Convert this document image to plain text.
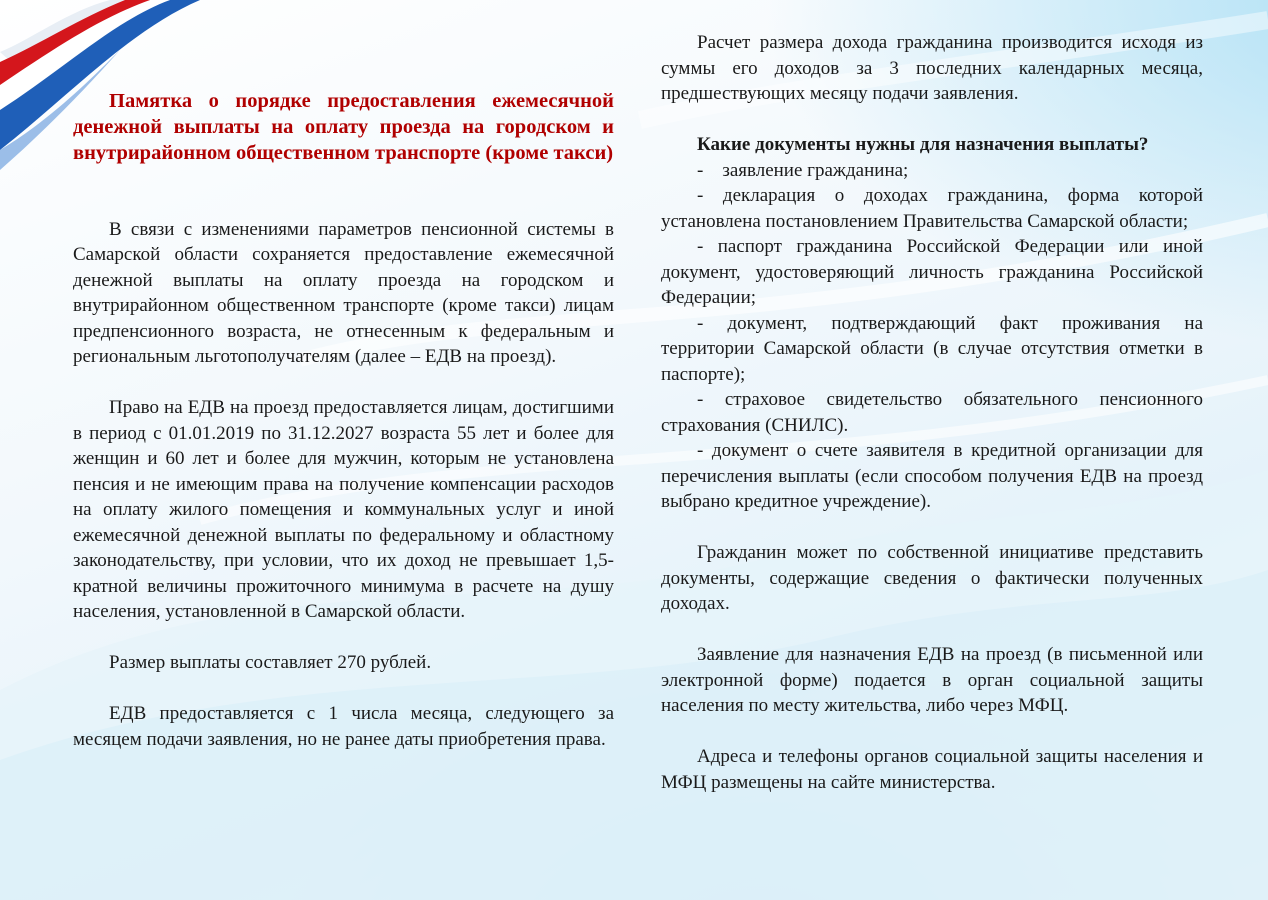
Памятка о порядке предоставления ежемесячной денежной выплаты на оплату проезда на городском и внутрирайонном общественном транспорте (кроме такси)

В связи с изменениями параметров пенсионной системы в Самарской области сохраняется предоставление ежемесячной денежной выплаты на оплату проезда на городском и внутрирайонном общественном транспорте (кроме такси) лицам предпенсионного возраста, не отнесенным к федеральным и региональным льготополучателям (далее – ЕДВ на проезд).

Право на ЕДВ на проезд предоставляется лицам, достигшими в период с 01.01.2019 по 31.12.2027 возраста 55 лет и более для женщин и 60 лет и более для мужчин, которым не установлена пенсия и не имеющим права на получение компенсации расходов на оплату жилого помещения и коммунальных услуг и иной ежемесячной денежной выплаты по федеральному и областному законодательству, при условии, что их доход не превышает 1,5-кратной величины прожиточного минимума в расчете на душу населения, установленной в Самарской области.

Размер выплаты составляет 270 рублей.

ЕДВ предоставляется с 1 числа месяца, следующего за месяцем подачи заявления, но не ранее даты приобретения права.

Расчет размера дохода гражданина производится исходя из суммы его доходов за 3 последних календарных месяца, предшествующих месяцу подачи заявления.

Какие документы нужны для назначения выплаты?

-    заявление гражданина;

- декларация о доходах гражданина, форма которой установлена постановлением Правительства Самарской области;

- паспорт гражданина Российской Федерации или иной документ, удостоверяющий личность гражданина Российской Федерации;

- документ, подтверждающий факт проживания на территории Самарской области (в случае отсутствия отметки в паспорте);

- страховое свидетельство обязательного пенсионного страхования (СНИЛС).

- документ о счете заявителя в кредитной организации для перечисления выплаты (если способом получения ЕДВ на проезд выбрано кредитное учреждение).

Гражданин может по собственной инициативе представить документы, содержащие сведения о фактически полученных доходах.

Заявление для назначения ЕДВ на проезд (в письменной или электронной форме) подается в орган социальной защиты населения по месту жительства, либо через МФЦ.

Адреса и телефоны органов социальной защиты населения и МФЦ размещены на сайте министерства.
